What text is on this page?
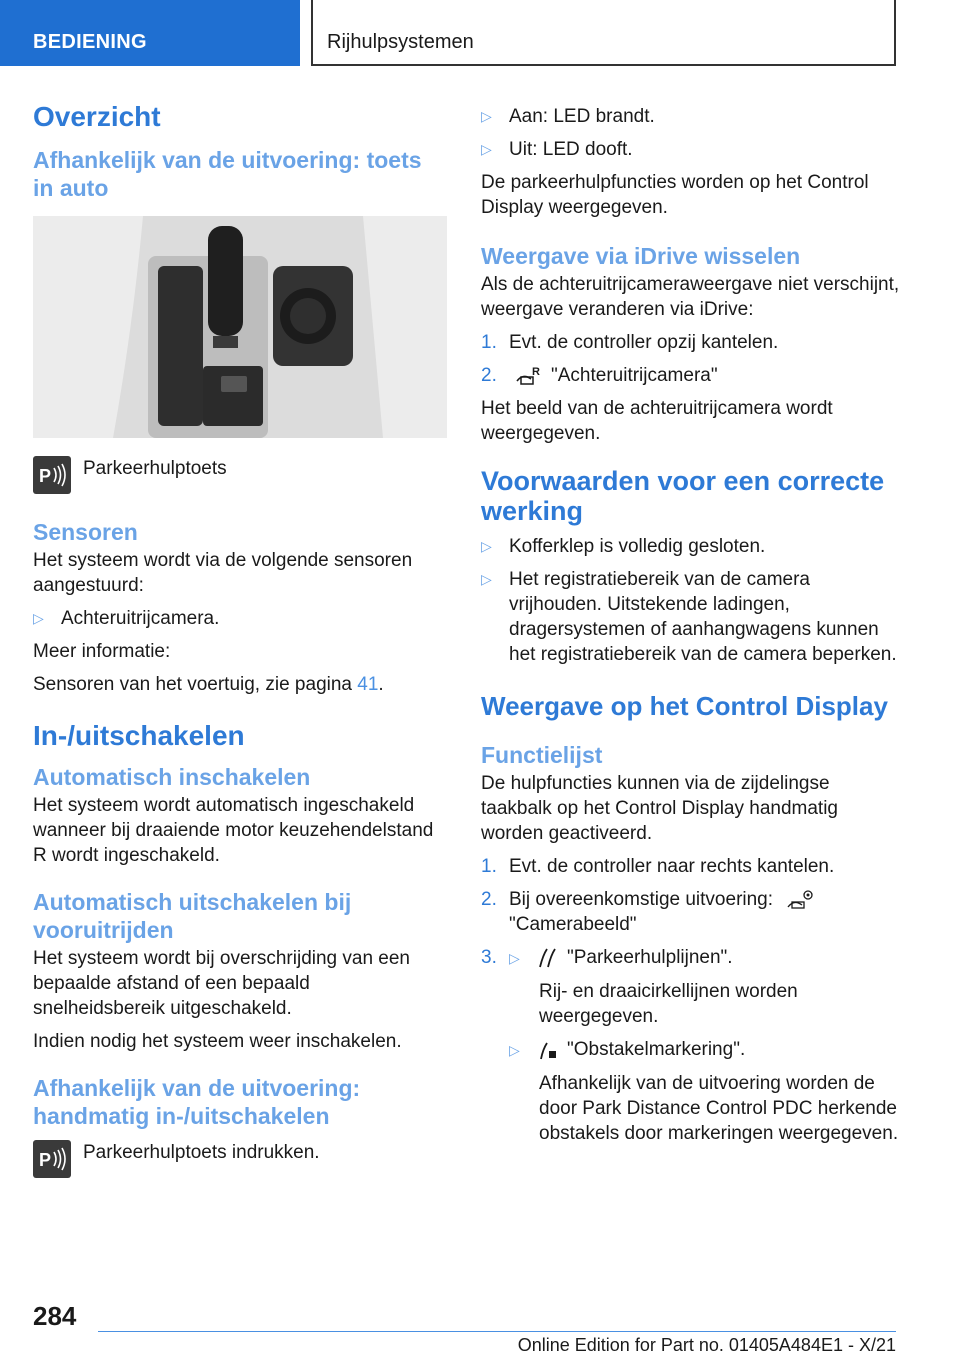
BEDIENING	Rijhulpsystemen
Overzicht
Afhankelijk van de uitvoering: toets in auto
P Parkeerhulptoets
Sensoren
Het systeem wordt via de volgende sensoren aangestuurd:
▷ Achteruitrijcamera.
Meer informatie:
Sensoren van het voertuig, zie pagina 41.
In-/uitschakelen
Automatisch inschakelen
Het systeem wordt automatisch ingeschakeld wanneer bij draaiende motor keuzehendelstand R wordt ingeschakeld.
Automatisch uitschakelen bij vooruitrijden
Het systeem wordt bij overschrijding van een bepaalde afstand of een bepaald snelheidsbereik uitgeschakeld.
Indien nodig het systeem weer inschakelen.
Afhankelijk van de uitvoering: handmatig in-/uitschakelen
P Parkeerhulptoets indrukken.
▷ Aan: LED brandt.
▷ Uit: LED dooft.
De parkeerhulpfuncties worden op het Control Display weergegeven.
Weergave via iDrive wisselen
Als de achteruitrijcameraweergave niet verschijnt, weergave veranderen via iDrive:
1. Evt. de controller opzij kantelen.
2.	R "Achteruitrijcamera"
Het beeld van de achteruitrijcamera wordt weergegeven.
Voorwaarden voor een correcte werking
▷ Kofferklep is volledig gesloten.
▷ Het registratiebereik van de camera vrijhouden. Uitstekende ladingen, dragersystemen of aanhangwagens kunnen het registratiebereik van de camera beperken.
Weergave op het Control Display
Functielijst
De hulpfuncties kunnen via de zijdelingse taakbalk op het Control Display handmatig worden geactiveerd.
1. Evt. de controller naar rechts kantelen.
2. Bij overeenkomstige uitvoering:
"Camerabeeld"
3. ▷ "Parkeerhulplijnen".
Rij- en draaicirkellijnen worden weergegeven.
▷ "Obstakelmarkering".
Afhankelijk van de uitvoering worden de door Park Distance Control PDC herkende obstakels door markeringen weergegeven.
284
Online Edition for Part no. 01405A484E1 - X/21
